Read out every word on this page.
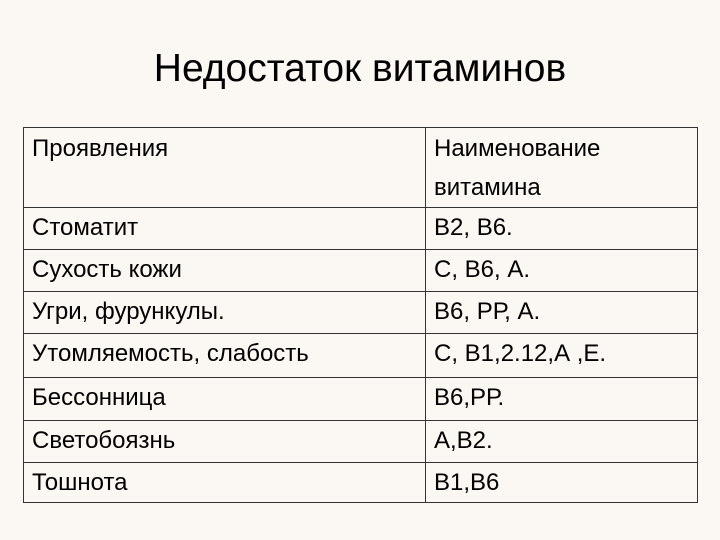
Недостаток витаминов
Проявления	Наименование
витамина

Стоматит	В2, В6.
Сухость кожи	С, В6, А.
Угри, фурункулы.	В6, РР, А.
Утомляемость, слабость	С, В1,2.12,А ,Е.
Бессонница	В6,РР.
Светобоязнь	А,В2.
Тошнота	В1,В6
